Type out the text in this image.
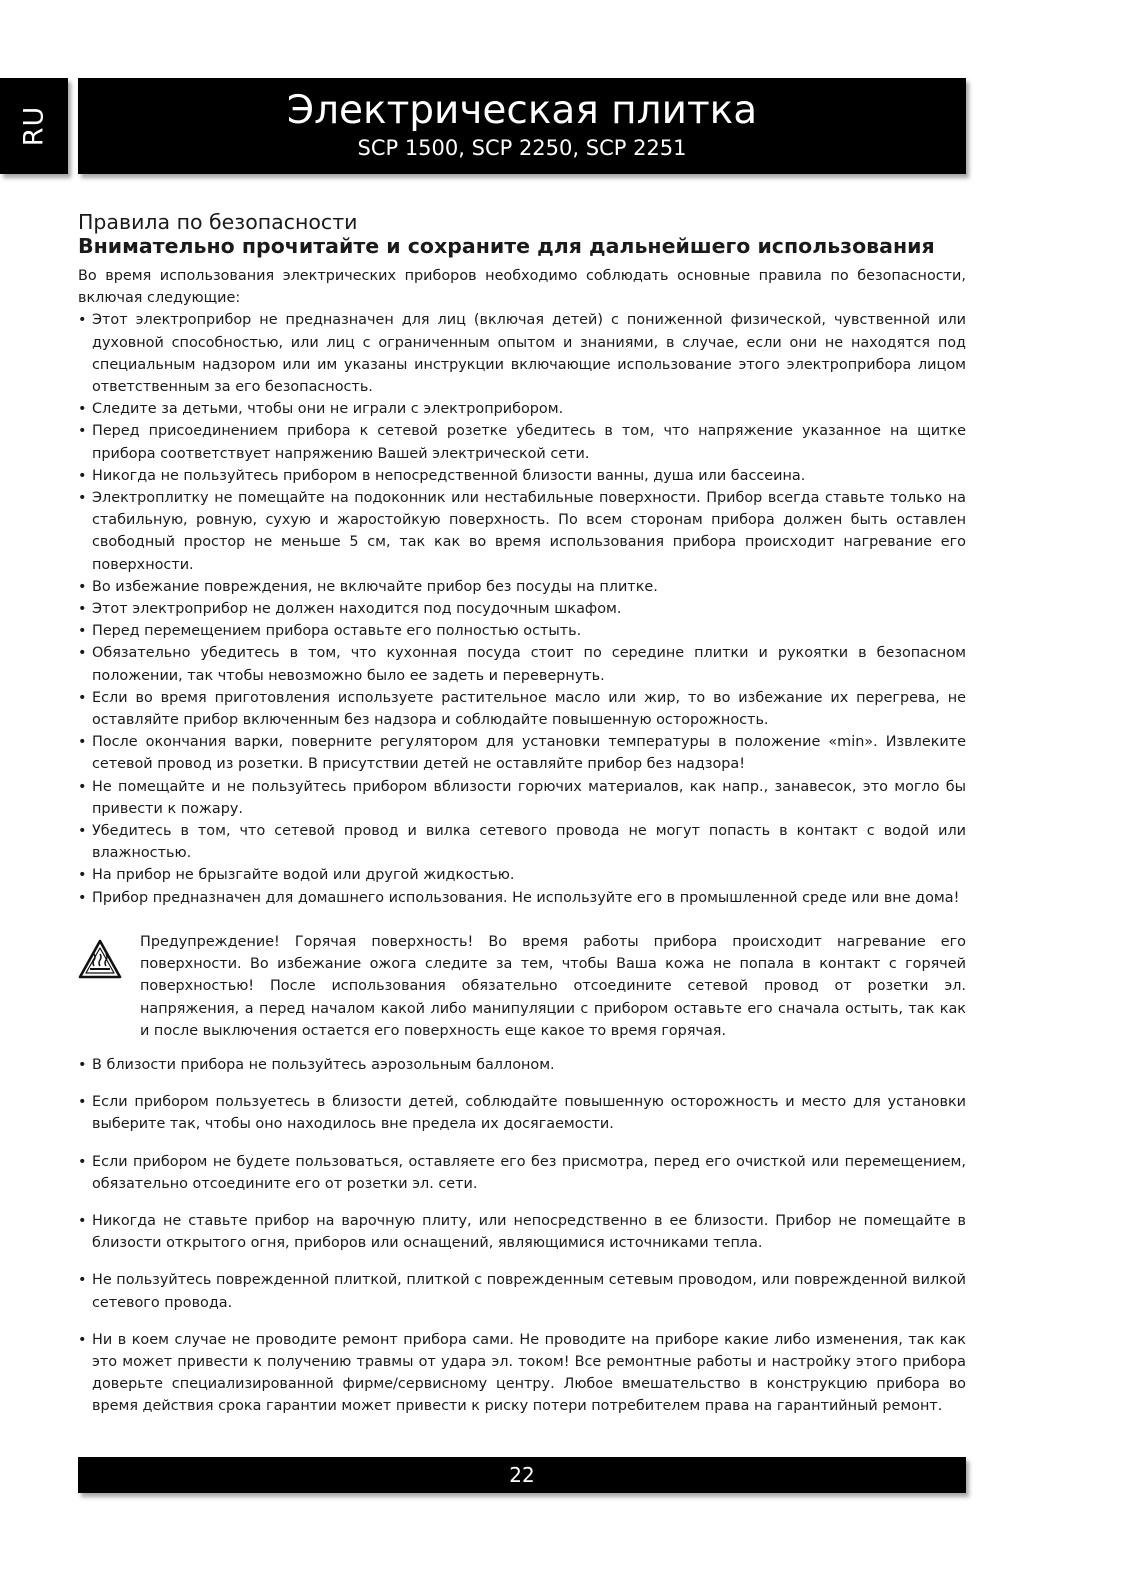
RU	Электрическая плитка
SCP 1500, SCP 2250, SCP 2251
Правила по безопасности
Внимательно прочитайте и сохраните для дальнейшего использования

Во время использования электрических приборов необходимо соблюдать основные правила по безопасности, включая следующие:

• Этот электроприбор не предназначен для лиц (включая детей) с пониженной физической, чувственной или духовной способностью, или лиц с ограниченным опытом и знаниями, в случае, если они не находятся под специальным надзором или им указаны инструкции включающие использование этого электроприбора лицом ответственным за его безопасность.
• Следите за детьми, чтобы они не играли с электроприбором.
• Перед присоединением прибора к сетевой розетке убедитесь в том, что напряжение указанное на щитке прибора соответствует напряжению Вашей электрической сети.
• Никогда не пользуйтесь прибором в непосредственной близости ванны, душа или бассеина.
• Электроплитку не помещайте на подоконник или нестабильные поверхности. Прибор всегда ставьте только на стабильную, ровную, сухую и жаростойкую поверхность. По всем сторонам прибора должен быть оставлен свободный простор не меньше 5 см, так как во время использования прибора происходит нагревание его поверхности.
• Во избежание повреждения, не включайте прибор без посуды на плитке.
• Этот электроприбор не должен находится под посудочным шкафом.
• Перед перемещением прибора оставьте его полностью остыть.
• Обязательно убедитесь в том, что кухонная посуда стоит по середине плитки и рукоятки в безопасном положении, так чтобы невозможно было ее задеть и перевернуть.
• Если во время приготовления используете растительное масло или жир, то во избежание их перегрева, не оставляйте прибор включенным без надзора и соблюдайте повышенную осторожность.
• После окончания варки, поверните регулятором для установки температуры в положение «min». Извлеките сетевой провод из розетки. В присутствии детей не оставляйте прибор без надзора!
• Не помещайте и не пользуйтесь прибором вблизости горючих материалов, как напр., занавесок, это могло бы привести к пожару.
• Убедитесь в том, что сетевой провод и вилка сетевого провода не могут попасть в контакт с водой или влажностью.
• На прибор не брызгайте водой или другой жидкостью.
• Прибор предназначен для домашнего использования. Не используйте его в промышленной среде или вне дома!

Предупреждение! Горячая поверхность! Во время работы прибора происходит нагревание его поверхности. Во избежание ожога следите за тем, чтобы Ваша кожа не попала в контакт с горячей поверхностью! После использования обязательно отсоедините сетевой провод от розетки эл. напряжения, а перед началом какой либо манипуляции с прибором оставьте его сначала остыть, так как и после выключения остается его поверхность еще какое то время горячая.

• В близости прибора не пользуйтесь аэрозольным баллоном.
• Если прибором пользуетесь в близости детей, соблюдайте повышенную осторожность и место для установки выберите так, чтобы оно находилось вне предела их досягаемости.
• Если прибором не будете пользоваться, оставляете его без присмотра, перед его очисткой или перемещением, обязательно отсоедините его от розетки эл. сети.
• Никогда не ставьте прибор на варочную плиту, или непосредственно в ее близости. Прибор не помещайте в близости открытого огня, приборов или оснащений, являющимися источниками тепла.
• Не пользуйтесь поврежденной плиткой, плиткой с поврежденным сетевым проводом, или поврежденной вилкой сетевого провода.
• Ни в коем случае не проводите ремонт прибора сами. Не проводите на приборе какие либо изменения, так как это может привести к получению травмы от удара эл. током! Все ремонтные работы и настройку этого прибора доверьте специализированной фирме/сервисному центру. Любое вмешательство в конструкцию прибора во время действия срока гарантии может привести к риску потери потребителем права на гарантийный ремонт.
22
